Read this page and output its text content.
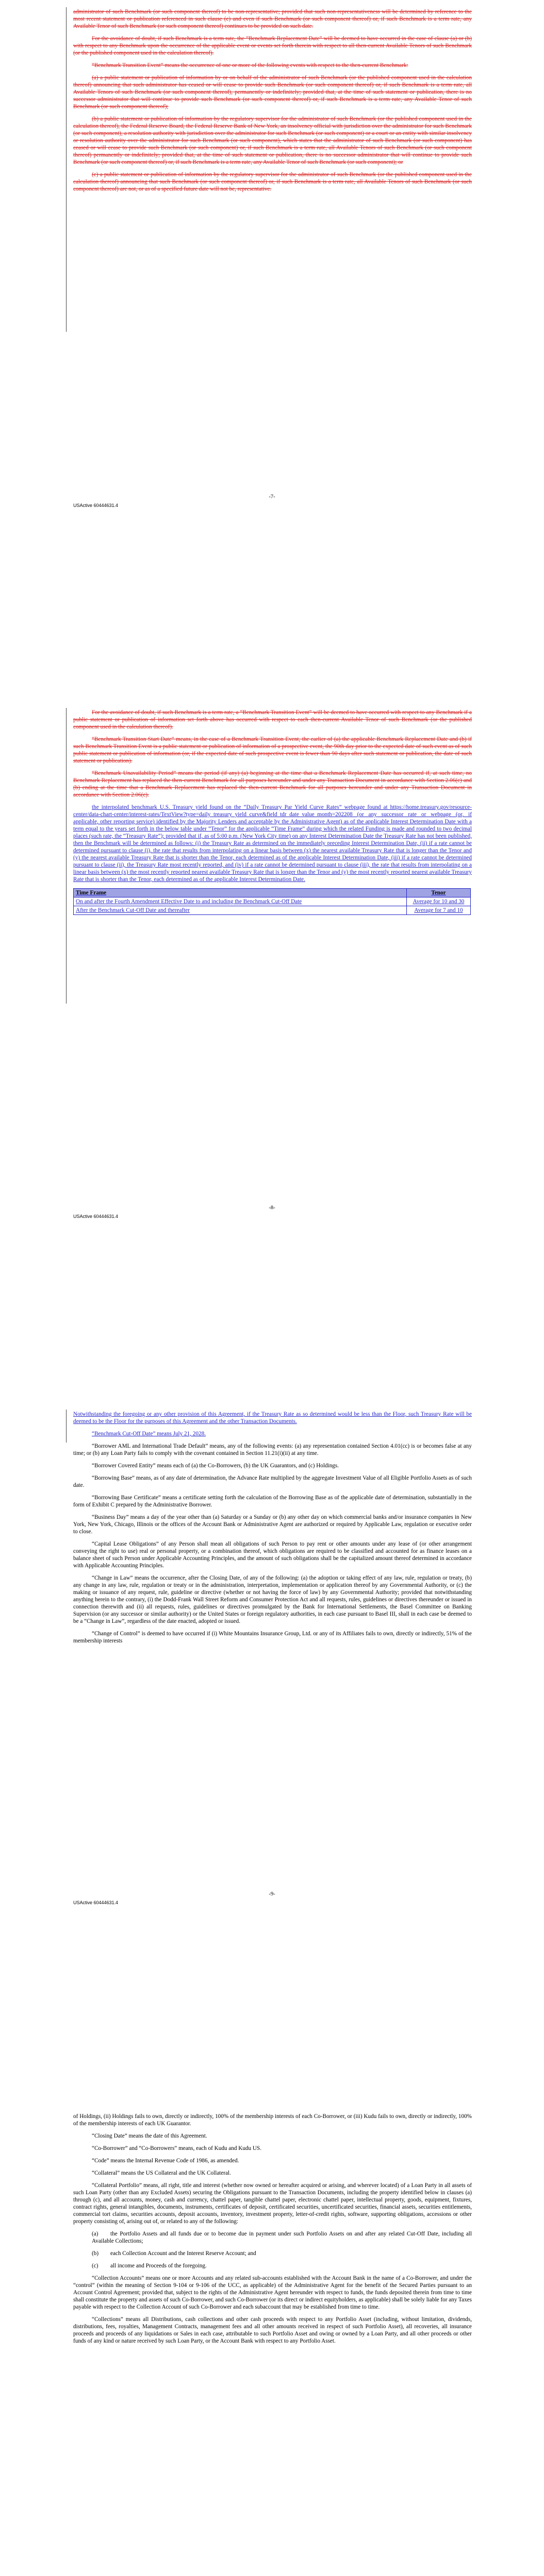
administrator of such Benchmark (or such component thereof) to be non-representative; provided that such non-representativeness will be determined by reference to the most recent statement or publication referenced in such clause (c) and even if such Benchmark (or such component thereof) or, if such Benchmark is a term rate, any Available Tenor of such Benchmark (or such component thereof) continues to be provided on such date.

For the avoidance of doubt, if such Benchmark is a term rate, the “Benchmark Replacement Date” will be deemed to have occurred in the case of clause (a) or (b) with respect to any Benchmark upon the occurrence of the applicable event or events set forth therein with respect to all then-current Available Tenors of such Benchmark (or the published component used in the calculation thereof).

“Benchmark Transition Event” means the occurrence of one or more of the following events with respect to the then-current Benchmark:

(a) a public statement or publication of information by or on behalf of the administrator of such Benchmark (or the published component used in the calculation thereof) announcing that such administrator has ceased or will cease to provide such Benchmark (or such component thereof) or, if such Benchmark is a term rate, all Available Tenors of such Benchmark (or such component thereof), permanently or indefinitely; provided that, at the time of such statement or publication, there is no successor administrator that will continue to provide such Benchmark (or such component thereof) or, if such Benchmark is a term rate, any Available Tenor of such Benchmark (or such component thereof);

(b) a public statement or publication of information by the regulatory supervisor for the administrator of such Benchmark (or the published component used in the calculation thereof), the Federal Reserve Board, the Federal Reserve Bank of New York, an insolvency official with jurisdiction over the administrator for such Benchmark (or such component), a resolution authority with jurisdiction over the administrator for such Benchmark (or such component) or a court or an entity with similar insolvency or resolution authority over the administrator for such Benchmark (or such component), which states that the administrator of such Benchmark (or such component) has ceased or will cease to provide such Benchmark (or such component) or, if such Benchmark is a term rate, all Available Tenors of such Benchmark (or such component thereof) permanently or indefinitely; provided that, at the time of such statement or publication, there is no successor administrator that will continue to provide such Benchmark (or such component thereof) or, if such Benchmark is a term rate, any Available Tenor of such Benchmark (or such component); or

(c) a public statement or publication of information by the regulatory supervisor for the administrator of such Benchmark (or the published component used in the calculation thereof) announcing that such Benchmark (or such component thereof) or, if such Benchmark is a term rate, all Available Tenors of such Benchmark (or such component thereof) are not, or as of a specified future date will not be, representative.

-7-
USActive 60444631.4

For the avoidance of doubt, if such Benchmark is a term rate, a “Benchmark Transition Event” will be deemed to have occurred with respect to any Benchmark if a public statement or publication of information set forth above has occurred with respect to each then-current Available Tenor of such Benchmark (or the published component used in the calculation thereof).

“Benchmark Transition Start Date” means, in the case of a Benchmark Transition Event, the earlier of (a) the applicable Benchmark Replacement Date and (b) if such Benchmark Transition Event is a public statement or publication of information of a prospective event, the 90th day prior to the expected date of such event as of such public statement or publication of information (or, if the expected date of such prospective event is fewer than 90 days after such statement or publication, the date of such statement or publication).

“Benchmark Unavailability Period” means the period (if any) (a) beginning at the time that a Benchmark Replacement Date has occurred if, at such time, no Benchmark Replacement has replaced the then-current Benchmark for all purposes hereunder and under any Transaction Document in accordance with Section 2.06(c) and (b) ending at the time that a Benchmark Replacement has replaced the then-current Benchmark for all purposes hereunder and under any Transaction Document in accordance with Section 2.06(c).

the interpolated benchmark U.S. Treasury yield found on the “Daily Treasury Par Yield Curve Rates” webpage found at https://home.treasury.gov/resource-center/data-chart-center/interest-rates/TextView?type=daily_treasury_yield_curve&field_tdr_date_value_month=202208 (or any successor rate or webpage (or, if applicable, other reporting service) identified by the Majority Lenders and acceptable by the Administrative Agent) as of the applicable Interest Determination Date with a term equal to the years set forth in the below table under “Tenor” for the applicable “Time Frame” during which the related Funding is made and rounded to two decimal places (such rate, the “Treasury Rate”); provided that if, as of 5:00 p.m. (New York City time) on any Interest Determination Date the Treasury Rate has not been published, then the Benchmark will be determined as follows: (i) the Treasury Rate as determined on the immediately preceding Interest Determination Date, (ii) if a rate cannot be determined pursuant to clause (i), the rate that results from interpolating on a linear basis between (x) the nearest available Treasury Rate that is longer than the Tenor and (y) the nearest available Treasury Rate that is shorter than the Tenor, each determined as of the applicable Interest Determination Date, (iii) if a rate cannot be determined pursuant to clause (ii), the Treasury Rate most recently reported, and (iv) if a rate cannot be determined pursuant to clause (iii), the rate that results from interpolating on a linear basis between (x) the most recently reported nearest available Treasury Rate that is longer than the Tenor and (y) the most recently reported nearest available Treasury Rate that is shorter than the Tenor, each determined as of the applicable Interest Determination Date.

Time Frame	Tenor
On and after the Fourth Amendment Effective Date to and including the Benchmark Cut-Off Date	Average for 10 and 30
After the Benchmark Cut-Off Date and thereafter	Average for 7 and 10
-8-
USActive 60444631.4

Notwithstanding the foregoing or any other provision of this Agreement, if the Treasury Rate as so determined would be less than the Floor, such Treasury Rate will be deemed to be the Floor for the purposes of this Agreement and the other Transaction Documents.

“Benchmark Cut-Off Date” means July 21, 2028.

“Borrower AML and International Trade Default” means, any of the following events: (a) any representation contained Section 4.01(cc) is or becomes false at any time; or (b) any Loan Party fails to comply with the covenant contained in Section 11.21(i)(ii) at any time.

“Borrower Covered Entity” means each of (a) the Co-Borrowers, (b) the UK Guarantors, and (c) Holdings.

“Borrowing Base” means, as of any date of determination, the Advance Rate multiplied by the aggregate Investment Value of all Eligible Portfolio Assets as of such date.

“Borrowing Base Certificate” means a certificate setting forth the calculation of the Borrowing Base as of the applicable date of determination, substantially in the form of Exhibit C prepared by the Administrative Borrower.

“Business Day” means a day of the year other than (a) Saturday or a Sunday or (b) any other day on which commercial banks and/or insurance companies in New York, New York, Chicago, Illinois or the offices of the Account Bank or Administrative Agent are authorized or required by Applicable Law, regulation or executive order to close.

“Capital Lease Obligations” of any Person shall mean all obligations of such Person to pay rent or other amounts under any lease of (or other arrangement conveying the right to use) real or personal property, or a combination thereof, which obligations are required to be classified and accounted for as finance leases on a balance sheet of such Person under Applicable Accounting Principles, and the amount of such obligations shall be the capitalized amount thereof determined in accordance with Applicable Accounting Principles.

“Change in Law” means the occurrence, after the Closing Date, of any of the following: (a) the adoption or taking effect of any law, rule, regulation or treaty, (b) any change in any law, rule, regulation or treaty or in the administration, interpretation, implementation or application thereof by any Governmental Authority, or (c) the making or issuance of any request, rule, guideline or directive (whether or not having the force of law) by any Governmental Authority; provided that notwithstanding anything herein to the contrary, (i) the Dodd-Frank Wall Street Reform and Consumer Protection Act and all requests, rules, guidelines or directives thereunder or issued in connection therewith and (ii) all requests, rules, guidelines or directives promulgated by the Bank for International Settlements, the Basel Committee on Banking Supervision (or any successor or similar authority) or the United States or foreign regulatory authorities, in each case pursuant to Basel III, shall in each case be deemed to be a “Change in Law”, regardless of the date enacted, adopted or issued.

“Change of Control” is deemed to have occurred if (i) White Mountains Insurance Group, Ltd. or any of its Affiliates fails to own, directly or indirectly, 51% of the membership interests

-9-
USActive 60444631.4

of Holdings, (ii) Holdings fails to own, directly or indirectly, 100% of the membership interests of each Co-Borrower, or (iii) Kudu fails to own, directly or indirectly, 100% of the membership interests of each UK Guarantor.

“Closing Date” means the date of this Agreement.

“Co-Borrower” and “Co-Borrowers” means, each of Kudu and Kudu US.

“Code” means the Internal Revenue Code of 1986, as amended.

“Collateral” means the US Collateral and the UK Collateral.

“Collateral Portfolio” means, all right, title and interest (whether now owned or hereafter acquired or arising, and wherever located) of a Loan Party in all assets of such Loan Party (other than any Excluded Assets) securing the Obligations pursuant to the Transaction Documents, including the property identified below in clauses (a) through (c), and all accounts, money, cash and currency, chattel paper, tangible chattel paper, electronic chattel paper, intellectual property, goods, equipment, fixtures, contract rights, general intangibles, documents, instruments, certificates of deposit, certificated securities, uncertificated securities, financial assets, securities entitlements, commercial tort claims, securities accounts, deposit accounts, inventory, investment property, letter-of-credit rights, software, supporting obligations, accessions or other property consisting of, arising out of, or related to any of the following:

(a) the Portfolio Assets and all funds due or to become due in payment under such Portfolio Assets on and after any related Cut-Off Date, including all Available Collections;

(b) each Collection Account and the Interest Reserve Account; and

(c) all income and Proceeds of the foregoing.

“Collection Accounts” means one or more Accounts and any related sub-accounts established with the Account Bank in the name of a Co-Borrower, and under the “control” (within the meaning of Section 9-104 or 9-106 of the UCC, as applicable) of the Administrative Agent for the benefit of the Secured Parties pursuant to an Account Control Agreement; provided that, subject to the rights of the Administrative Agent hereunder with respect to funds, the funds deposited therein from time to time shall constitute the property and assets of such Co-Borrower, and such Co-Borrower (or its direct or indirect equityholders, as applicable) shall be solely liable for any Taxes payable with respect to the Collection Account of such Co-Borrower and each subaccount that may be established from time to time.

“Collections” means all Distributions, cash collections and other cash proceeds with respect to any Portfolio Asset (including, without limitation, dividends, distributions, fees, royalties, Management Contracts, management fees and all other amounts received in respect of such Portfolio Asset), all recoveries, all insurance proceeds and proceeds of any liquidations or Sales in each case, attributable to such Portfolio Asset and owing or owned by a Loan Party, and all other proceeds or other funds of any kind or nature received by such Loan Party, or the Account Bank with respect to any Portfolio Asset.
